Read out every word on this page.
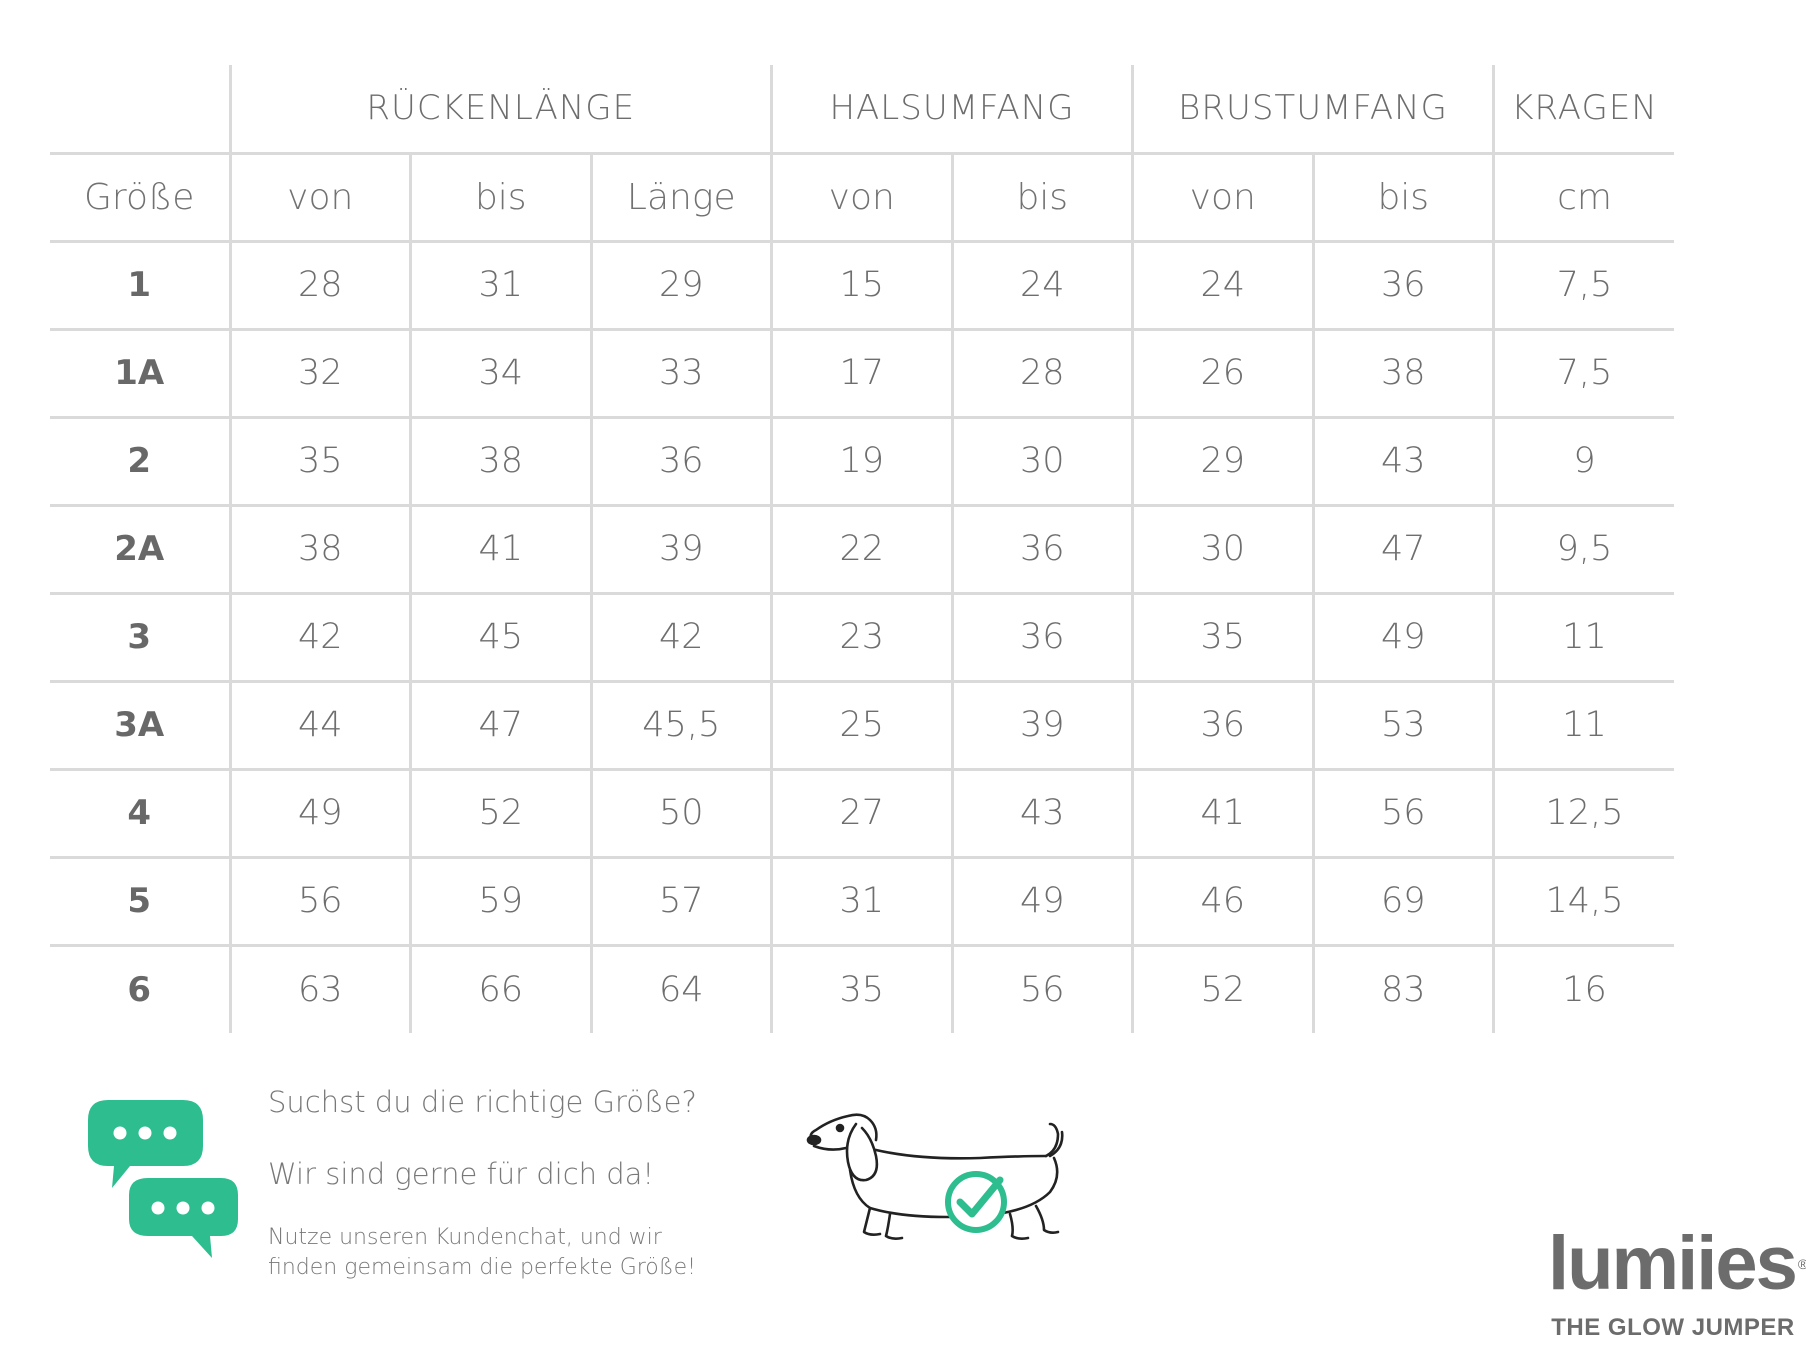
	RÜCKENLÄNGE			HALSUMFANG		BRUSTUMFANG		KRAGEN
Größe	von	bis	Länge	von	bis	von	bis	cm
1	28	31	29	15	24	24	36	7,5
1A	32	34	33	17	28	26	38	7,5
2	35	38	36	19	30	29	43	9
2A	38	41	39	22	36	30	47	9,5
3	42	45	42	23	36	35	49	11
3A	44	47	45,5	25	39	36	53	11
4	49	52	50	27	43	41	56	12,5
5	56	59	57	31	49	46	69	14,5
6	63	66	64	35	56	52	83	16
Suchst du die richtige Größe?
Wir sind gerne für dich da!
Nutze unseren Kundenchat, und wir finden gemeinsam die perfekte Größe!	lumiies ®
THE GLOW JUMPER
